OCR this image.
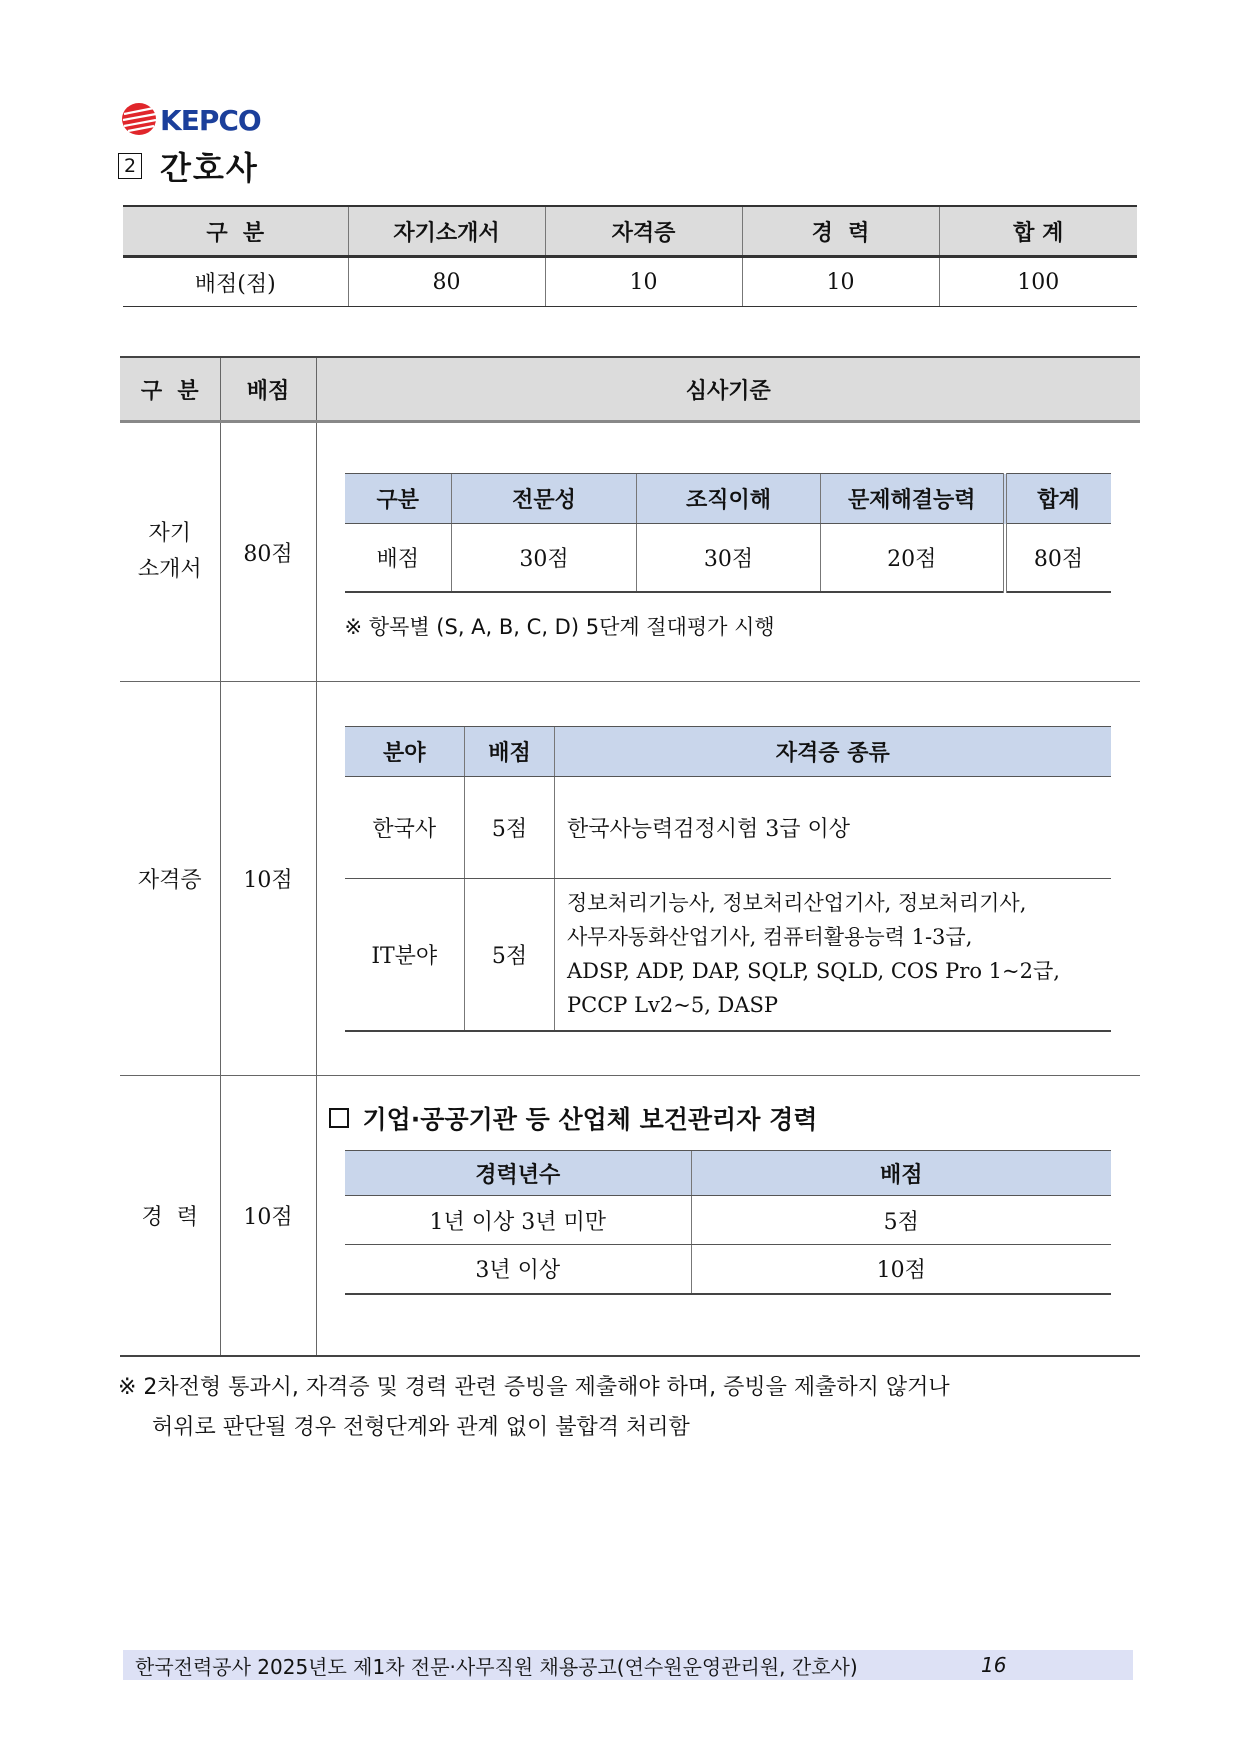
KEPCO
2 간호사
구  분	자기소개서	자격증	경  력	합 계
배점(점)	80	10	10	100
구  분	배점	심사기준

자기
소개서
	80점	
구분	전문성	조직이해	문제해결능력	합계
배점	30점	30점	20점	80점
※ 항목별 (S, A, B, C, D) 5단계 절대평가 시행

자격증	10점	
분야	배점	자격증 종류
한국사	5점	한국사능력검정시험 3급 이상
IT분야	5점	
정보처리기능사, 정보처리산업기사, 정보처리기사,
사무자동화산업기사, 컴퓨터활용능력 1-3급,
ADSP, ADP, DAP, SQLP, SQLD, COS Pro 1~2급,
PCCP Lv2~5, DASP

경  력	10점	
기업·공공기관 등 산업체 보건관리자 경력
경력년수	배점
1년 이상 3년 미만	5점
3년 이상	10점
※ 2차전형 통과시, 자격증 및 경력 관련 증빙을 제출해야 하며, 증빙을 제출하지 않거나
허위로 판단될 경우 전형단계와 관계 없이 불합격 처리함
한국전력공사 2025년도 제1차 전문·사무직원 채용공고(연수원운영관리원, 간호사)	16
